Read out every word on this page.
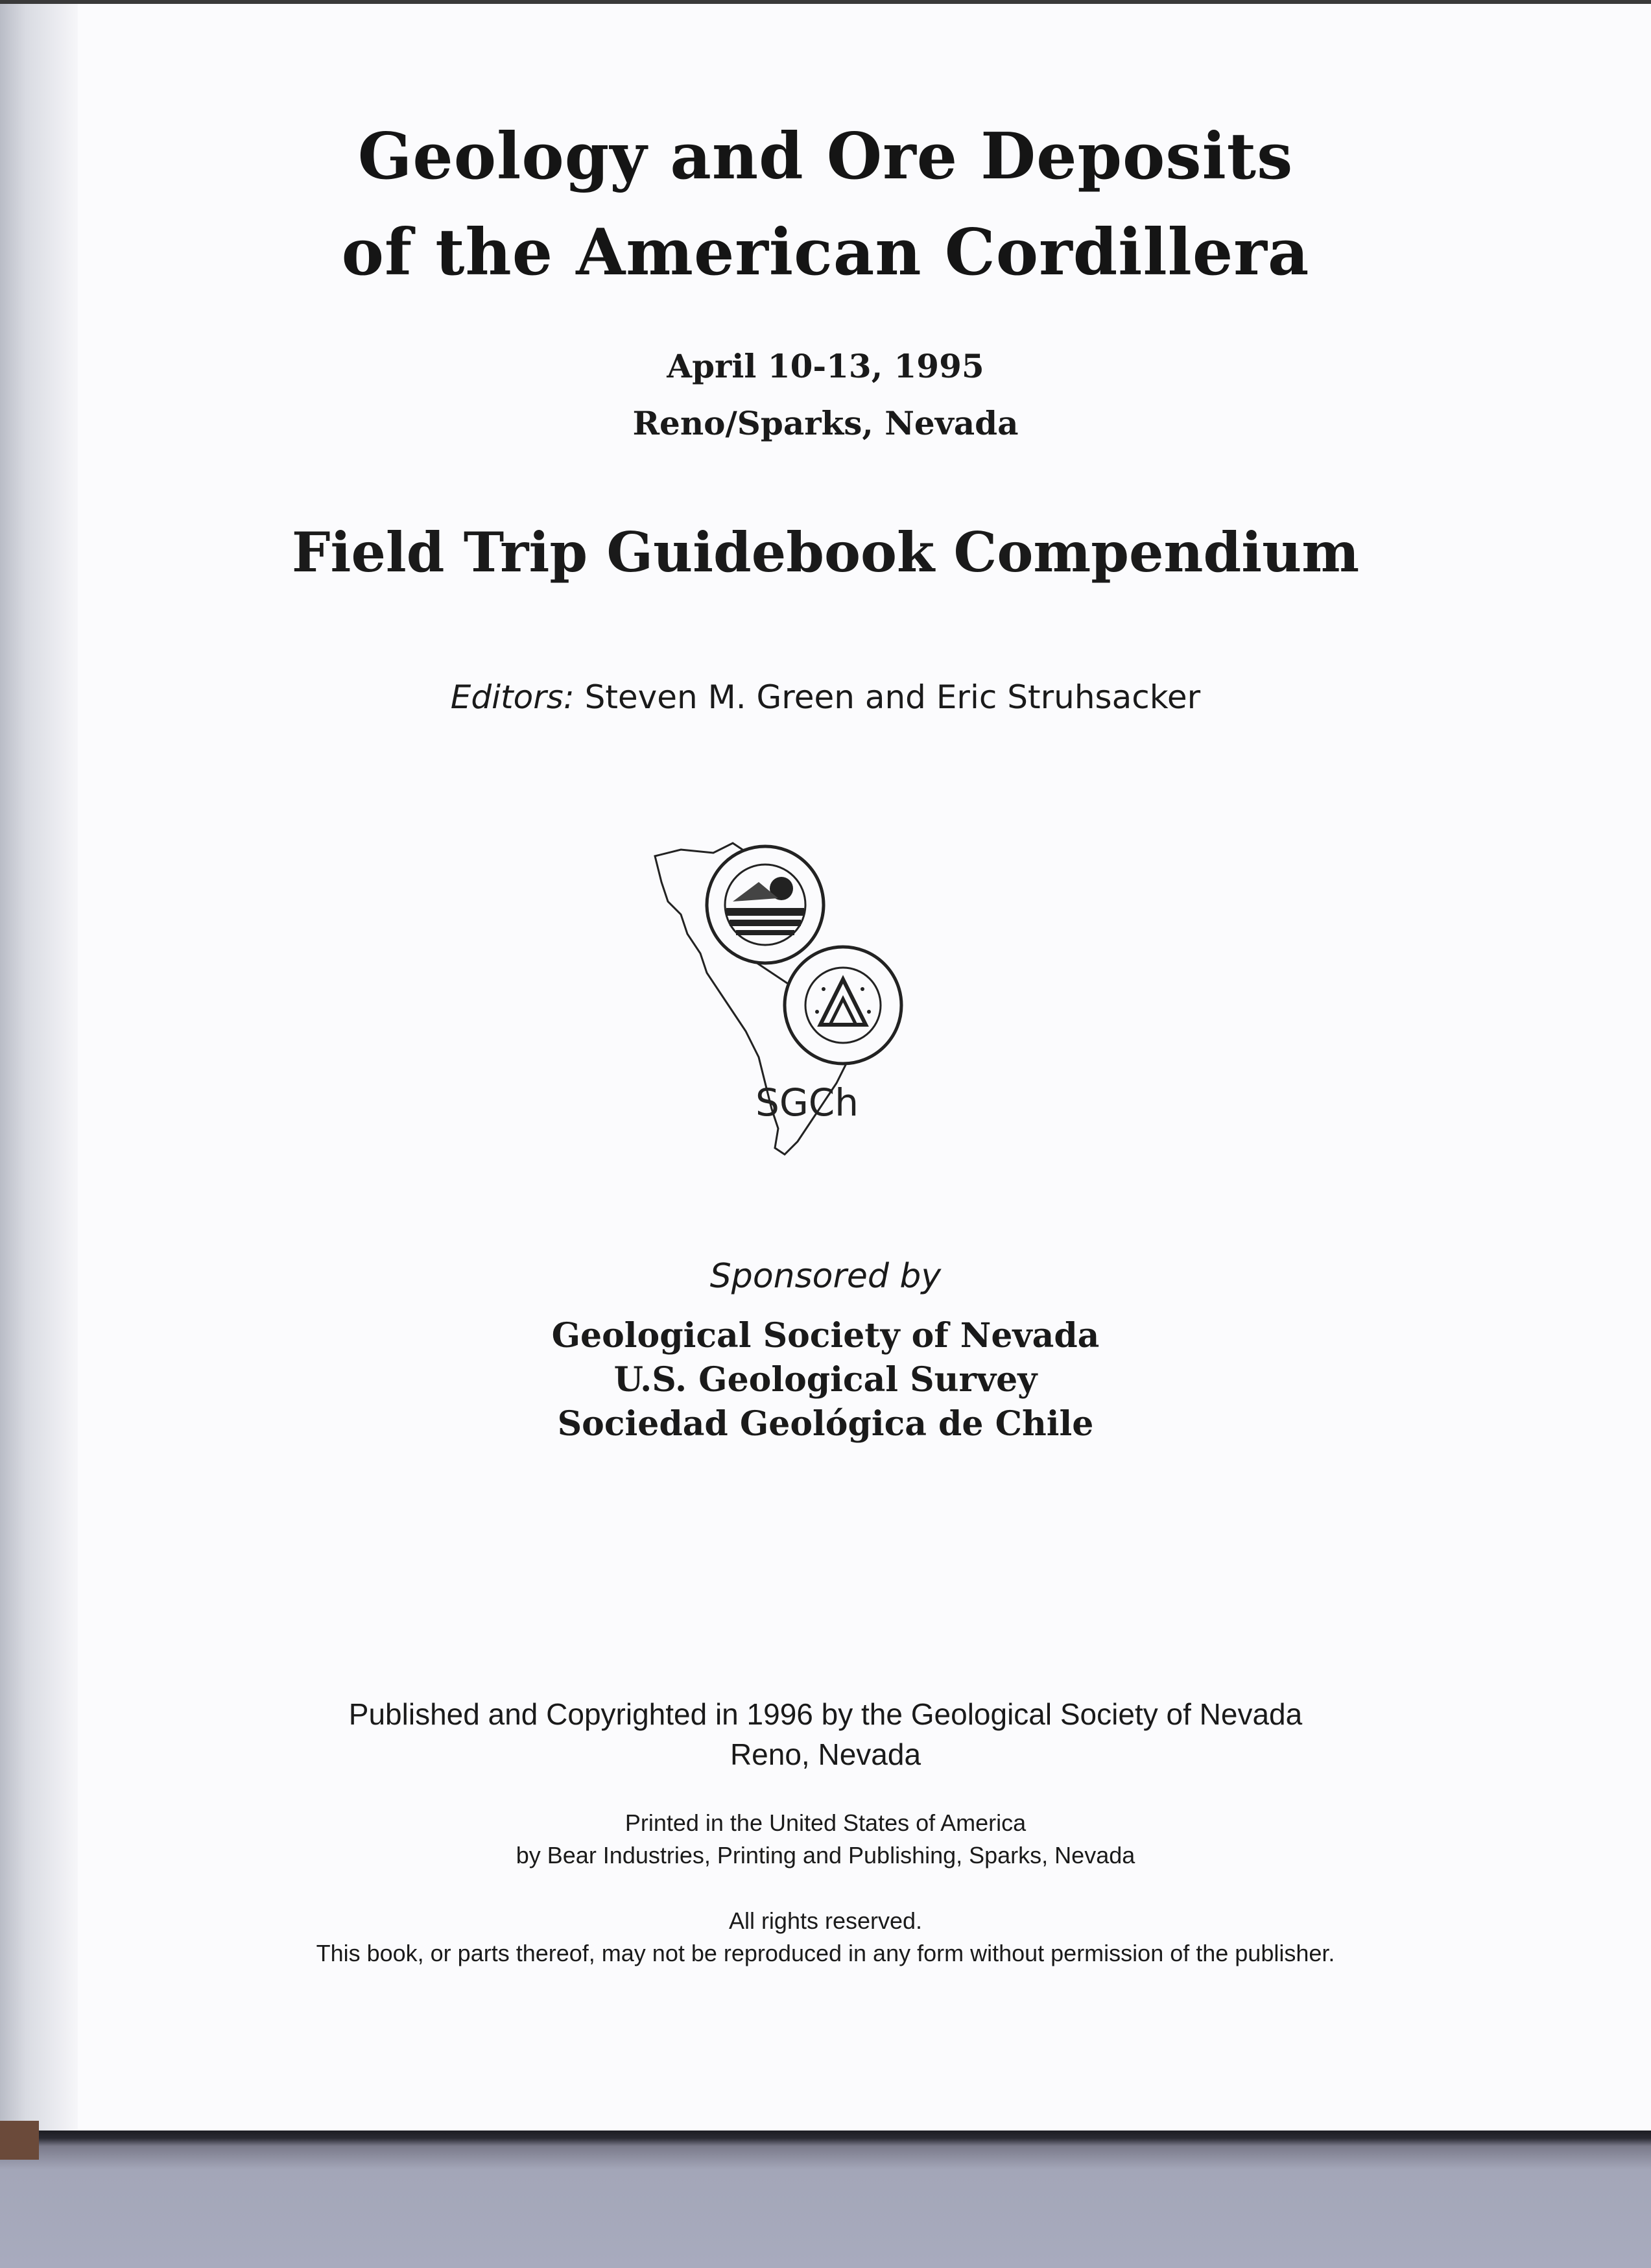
Geology and Ore Deposits
of the American Cordillera
April 10-13, 1995
Reno/Sparks, Nevada
Field Trip Guidebook Compendium
Editors: Steven M. Green and Eric Struhsacker
SGCh
Sponsored by
Geological Society of Nevada
U.S. Geological Survey
Sociedad Geológica de Chile
Published and Copyrighted in 1996 by the Geological Society of Nevada
Reno, Nevada
Printed in the United States of America
by Bear Industries, Printing and Publishing, Sparks, Nevada
All rights reserved.
This book, or parts thereof, may not be reproduced in any form without permission of the publisher.
